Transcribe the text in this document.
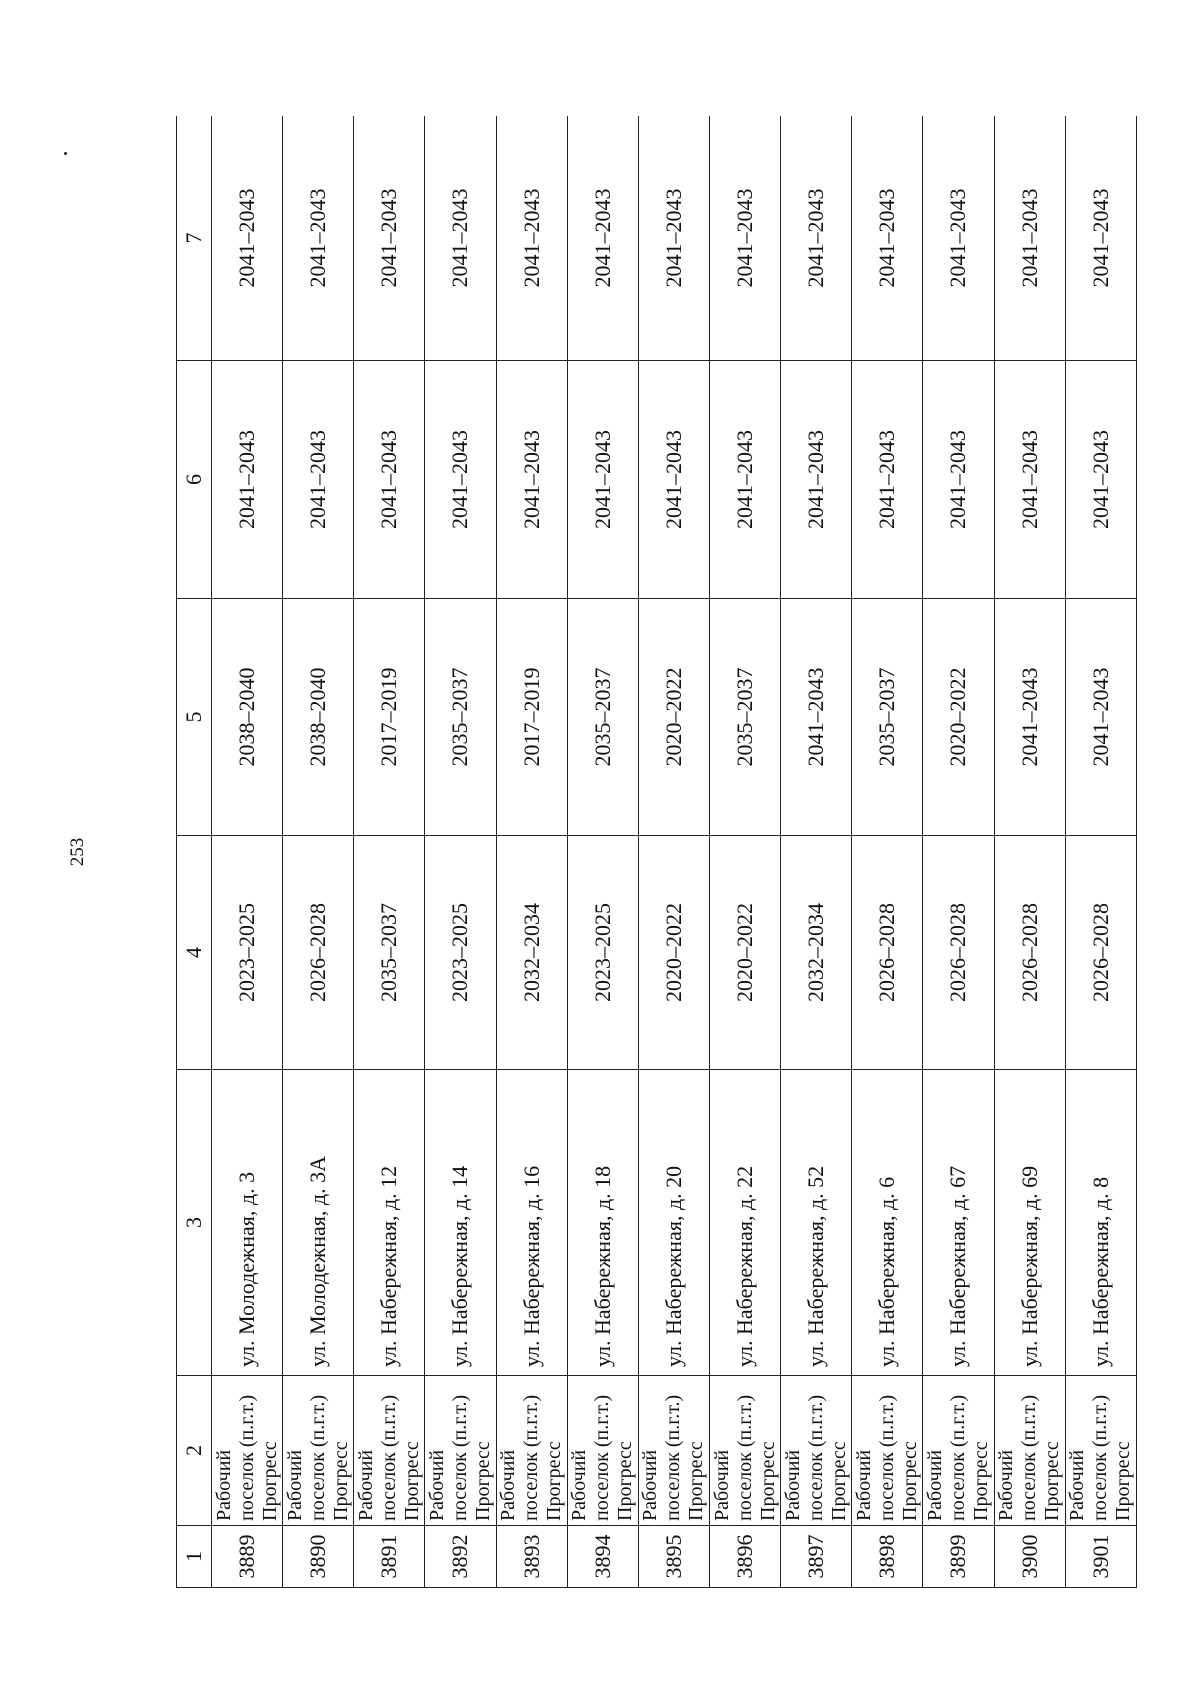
253
1	2	3	4	5	6	7
3889	Рабочий поселок (п.г.т.) Прогресс	ул. Молодежная, д. 3	2023–2025	2038–2040	2041–2043	2041–2043
3890	Рабочий поселок (п.г.т.) Прогресс	ул. Молодежная, д. 3А	2026–2028	2038–2040	2041–2043	2041–2043
3891	Рабочий поселок (п.г.т.) Прогресс	ул. Набережная, д. 12	2035–2037	2017–2019	2041–2043	2041–2043
3892	Рабочий поселок (п.г.т.) Прогресс	ул. Набережная, д. 14	2023–2025	2035–2037	2041–2043	2041–2043
3893	Рабочий поселок (п.г.т.) Прогресс	ул. Набережная, д. 16	2032–2034	2017–2019	2041–2043	2041–2043
3894	Рабочий поселок (п.г.т.) Прогресс	ул. Набережная, д. 18	2023–2025	2035–2037	2041–2043	2041–2043
3895	Рабочий поселок (п.г.т.) Прогресс	ул. Набережная, д. 20	2020–2022	2020–2022	2041–2043	2041–2043
3896	Рабочий поселок (п.г.т.) Прогресс	ул. Набережная, д. 22	2020–2022	2035–2037	2041–2043	2041–2043
3897	Рабочий поселок (п.г.т.) Прогресс	ул. Набережная, д. 52	2032–2034	2041–2043	2041–2043	2041–2043
3898	Рабочий поселок (п.г.т.) Прогресс	ул. Набережная, д. 6	2026–2028	2035–2037	2041–2043	2041–2043
3899	Рабочий поселок (п.г.т.) Прогресс	ул. Набережная, д. 67	2026–2028	2020–2022	2041–2043	2041–2043
3900	Рабочий поселок (п.г.т.) Прогресс	ул. Набережная, д. 69	2026–2028	2041–2043	2041–2043	2041–2043
3901	Рабочий поселок (п.г.т.) Прогресс	ул. Набережная, д. 8	2026–2028	2041–2043	2041–2043	2041–2043
